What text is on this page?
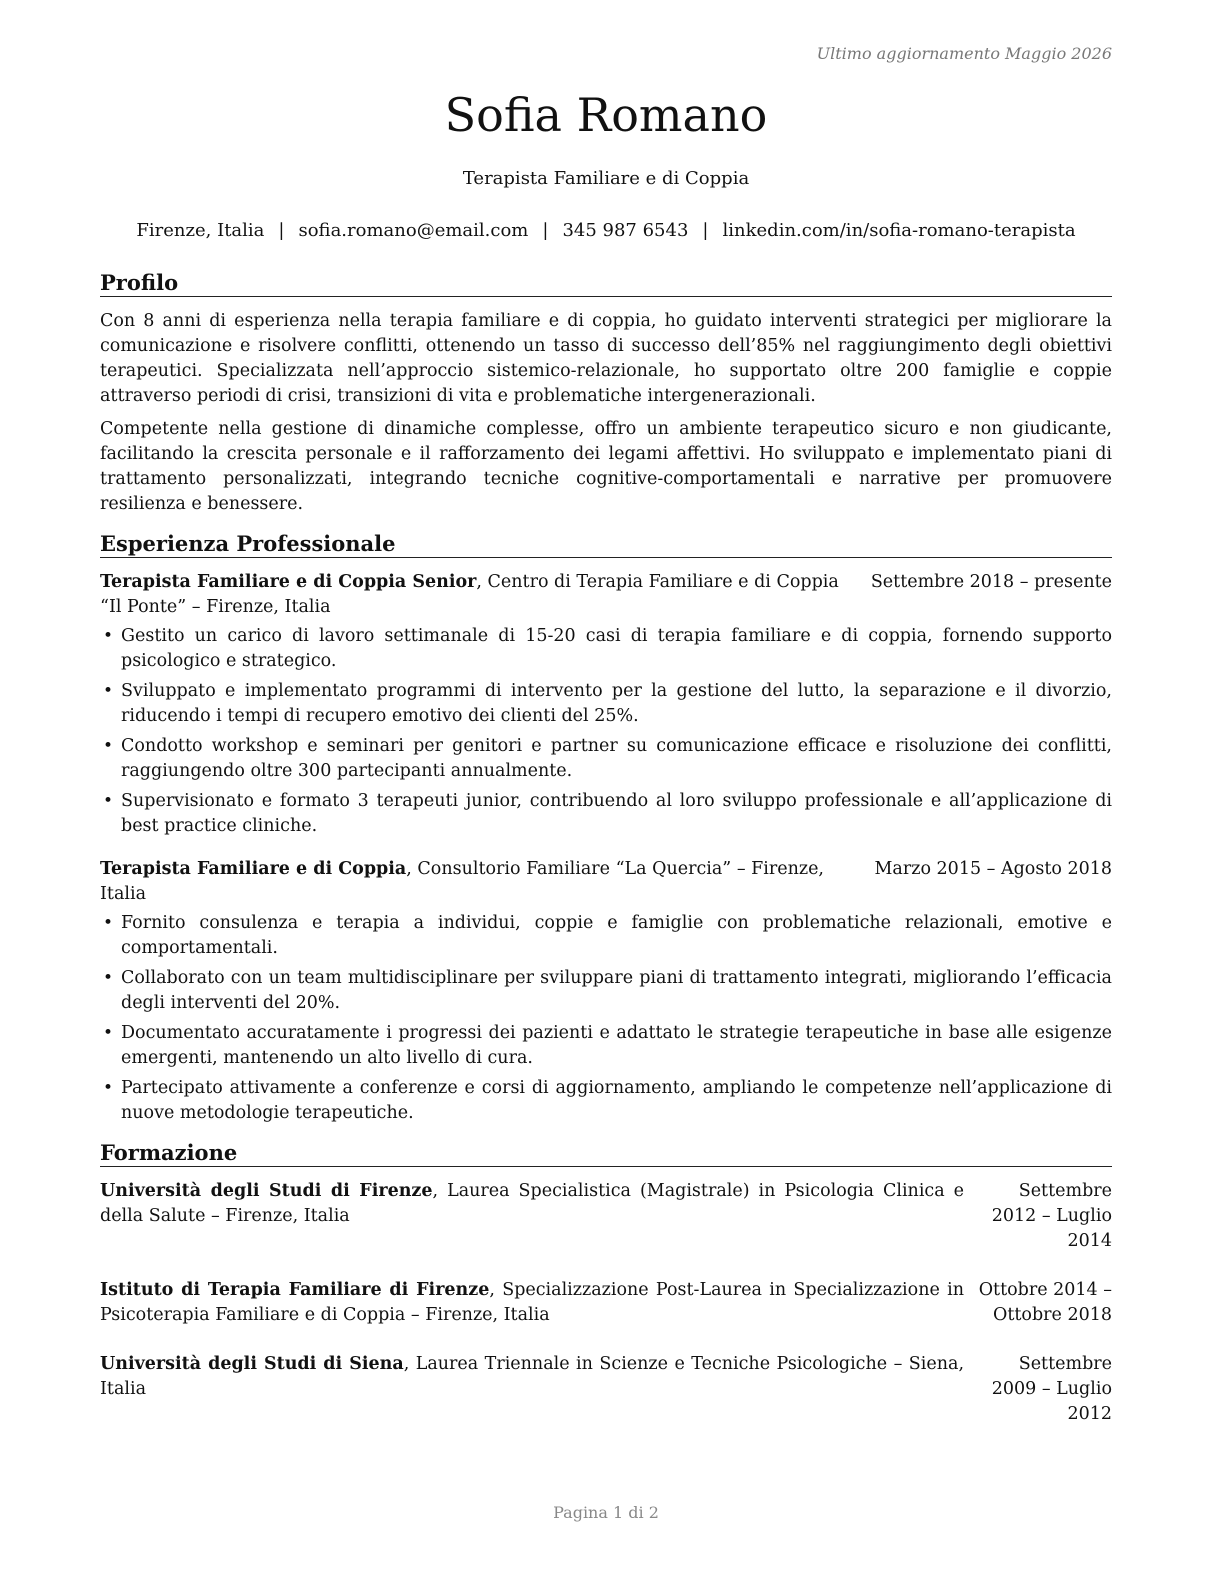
Ultimo aggiornamento Maggio 2026
Sofia Romano
Terapista Familiare e di Coppia
Firenze, Italia | sofia.romano@email.com | 345 987 6543 | linkedin.com/in/sofia-romano-terapista
Profilo

Con 8 anni di esperienza nella terapia familiare e di coppia, ho guidato interventi strategici per migliorare la comunicazione e risolvere conflitti, ottenendo un tasso di successo dell’85% nel raggiungimento degli obiettivi terapeutici. Specializzata nell’approccio sistemico-relazionale, ho supportato oltre 200 famiglie e coppie attraverso periodi di crisi, transizioni di vita e problematiche intergenerazionali.

Competente nella gestione di dinamiche complesse, offro un ambiente terapeutico sicuro e non giudicante, facilitando la crescita personale e il rafforzamento dei legami affettivi. Ho sviluppato e implementato piani di trattamento personalizzati, integrando tecniche cognitive-comportamentali e narrative per promuovere resilienza e benessere.

Esperienza Professionale
Terapista Familiare e di Coppia Senior, Centro di Terapia Familiare e di Coppia “Il Ponte” – Firenze, Italia
Settembre 2018 – presente
• Gestito un carico di lavoro settimanale di 15-20 casi di terapia familiare e di coppia, fornendo supporto psicologico e strategico.
• Sviluppato e implementato programmi di intervento per la gestione del lutto, la separazione e il divorzio, riducendo i tempi di recupero emotivo dei clienti del 25%.
• Condotto workshop e seminari per genitori e partner su comunicazione efficace e risoluzione dei conflitti, raggiungendo oltre 300 partecipanti annualmente.
• Supervisionato e formato 3 terapeuti junior, contribuendo al loro sviluppo professionale e all’applicazione di best practice cliniche.
Terapista Familiare e di Coppia, Consultorio Familiare “La Quercia” – Firenze, Italia
Marzo 2015 – Agosto 2018
• Fornito consulenza e terapia a individui, coppie e famiglie con problematiche relazionali, emotive e comportamentali.
• Collaborato con un team multidisciplinare per sviluppare piani di trattamento integrati, migliorando l’efficacia degli interventi del 20%.
• Documentato accuratamente i progressi dei pazienti e adattato le strategie terapeutiche in base alle esigenze emergenti, mantenendo un alto livello di cura.
• Partecipato attivamente a conferenze e corsi di aggiornamento, ampliando le competenze nell’applicazione di nuove metodologie terapeutiche.
Formazione
Università degli Studi di Firenze, Laurea Specialistica (Magistrale) in Psicologia Clinica e della Salute – Firenze, Italia
Settembre 2012 – Luglio 2014
Istituto di Terapia Familiare di Firenze, Specializzazione Post-Laurea in Specializzazione in Psicoterapia Familiare e di Coppia – Firenze, Italia
Ottobre 2014 – Ottobre 2018
Università degli Studi di Siena, Laurea Triennale in Scienze e Tecniche Psicologiche – Siena, Italia
Settembre 2009 – Luglio 2012
Pagina 1 di 2
